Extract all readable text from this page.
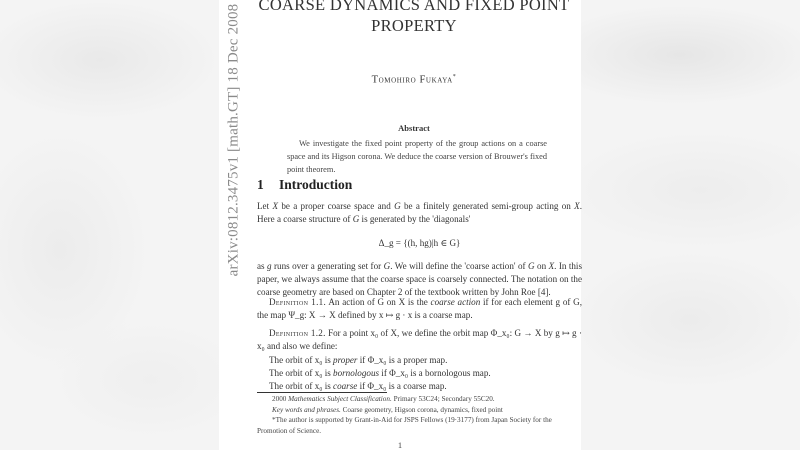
COARSE DYNAMICS AND FIXED POINT
PROPERTY
Tomohiro Fukaya*
Abstract

We investigate the fixed point property of the group actions on a coarse space and its Higson corona. We deduce the coarse version of Brouwer's fixed point theorem.

1 Introduction

Let X be a proper coarse space and G be a finitely generated semi-group acting on X. Here a coarse structure of G is generated by the 'diagonals'

Δ_g = {(h, hg)|h ∈ G}

as g runs over a generating set for G. We will define the 'coarse action' of G on X. In this paper, we always assume that the coarse space is coarsely connected. The notation on the coarse geometry are based on Chapter 2 of the textbook written by John Roe [4].

Definition 1.1. An action of G on X is the coarse action if for each element g of G, the map Ψ_g: X → X defined by x ↦ g · x is a coarse map.

Definition 1.2. For a point x₀ of X, we define the orbit map Φ_x₀: G → X by g ↦ g · x₀ and also we define:

The orbit of x₀ is proper if Φ_x₀ is a proper map.

The orbit of x₀ is bornologous if Φ_x₀ is a bornologous map.

The orbit of x₀ is coarse if Φ_x₀ is a coarse map.

2000 Mathematics Subject Classification. Primary 53C24; Secondary 55C20.

Key words and phrases. Coarse geometry, Higson corona, dynamics, fixed point

*The author is supported by Grant-in-Aid for JSPS Fellows (19·3177) from Japan Society for the Promotion of Science.

1
arXiv:0812.3475v1 [math.GT] 18 Dec 2008
